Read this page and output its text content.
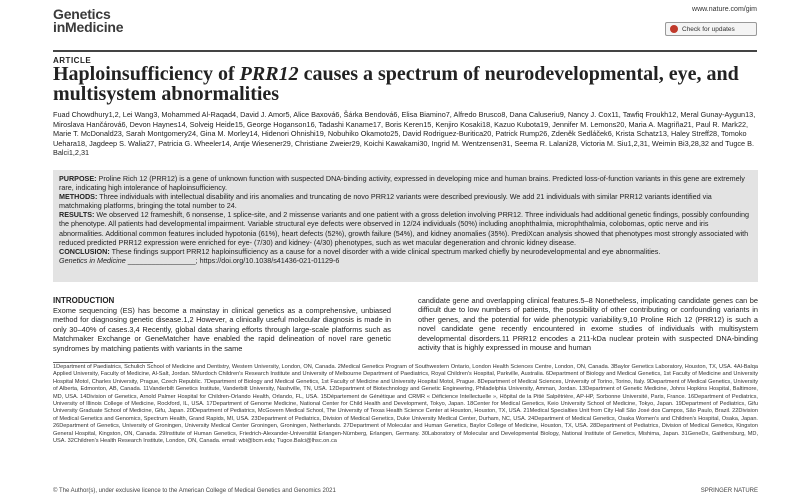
Genetics
inMedicine
www.nature.com/gim
Check for updates
ARTICLE
Haploinsufficiency of PRR12 causes a spectrum of neurodevelopmental, eye, and multisystem abnormalities
Fuad Chowdhury1,2, Lei Wang3, Mohammed Al-Raqad4, David J. Amor5, Alice Baxová6, Šárka Bendová6, Elisa Biamino7, Alfredo Brusco8, Dana Caluseriu9, Nancy J. Cox11, Tawfiq Froukh12, Meral Gunay-Aygun13, Miroslava Hančárová6, Devon Haynes14, Solveig Heide15, George Hoganson16, Tadashi Kaname17, Boris Keren15, Kenjiro Kosaki18, Kazuo Kubota19, Jennifer M. Lemons20, Maria A. Magriña21, Paul R. Mark22, Marie T. McDonald23, Sarah Montgomery24, Gina M. Morley14, Hidenori Ohnishi19, Nobuhiko Okamoto25, David Rodriguez-Buritica20, Patrick Rump26, Zdeněk Sedláček6, Krista Schatz13, Haley Streff28, Tomoko Uehara18, Jagdeep S. Walia27, Patricia G. Wheeler14, Antje Wiesener29, Christiane Zweier29, Koichi Kawakami30, Ingrid M. Wentzensen31, Seema R. Lalani28, Victoria M. Siu1,2,31, Weimin Bi3,28,32 and Tugce B. Balci1,2,31

PURPOSE: Proline Rich 12 (PRR12) is a gene of unknown function with suspected DNA-binding activity, expressed in developing mice and human brains. Predicted loss-of-function variants in this gene are extremely rare, indicating high intolerance of haploinsufficiency.

METHODS: Three individuals with intellectual disability and iris anomalies and truncating de novo PRR12 variants were described previously. We add 21 individuals with similar PRR12 variants identified via matchmaking platforms, bringing the total number to 24.

RESULTS: We observed 12 frameshift, 6 nonsense, 1 splice-site, and 2 missense variants and one patient with a gross deletion involving PRR12. Three individuals had additional genetic findings, possibly confounding the phenotype. All patients had developmental impairment. Variable structural eye defects were observed in 12/24 individuals (50%) including anophthalmia, microphthalmia, colobomas, optic nerve and iris abnormalities. Additional common features included hypotonia (61%), heart defects (52%), growth failure (54%), and kidney anomalies (35%). PrediXcan analysis showed that phenotypes most strongly associated with reduced predicted PRR12 expression were enriched for eye- (7/30) and kidney- (4/30) phenotypes, such as wet macular degeneration and chronic kidney disease.

CONCLUSION: These findings support PRR12 haploinsufficiency as a cause for a novel disorder with a wide clinical spectrum marked chiefly by neurodevelopmental and eye abnormalities.

Genetics in Medicine _________________; https://doi.org/10.1038/s41436-021-01129-6

INTRODUCTION
Exome sequencing (ES) has become a mainstay in clinical genetics as a comprehensive, unbiased method for diagnosing genetic disease.1,2 However, a clinically useful molecular diagnosis is made in only 30–40% of cases.3,4 Recently, global data sharing efforts through large-scale platforms such as Matchmaker Exchange or GeneMatcher have enabled the rapid delineation of novel rare genetic syndromes by matching patients with variants in the same
candidate gene and overlapping clinical features.5–8 Nonetheless, implicating candidate genes can be difficult due to low numbers of patients, the possibility of other contributing or confounding variants in other genes, and the potential for wide phenotypic variability.9,10 Proline Rich 12 (PRR12) is such a novel candidate gene recently encountered in exome studies of individuals with multisystem developmental disorders.11 PRR12 encodes a 211-kDa nuclear protein with suspected DNA-binding activity that is highly expressed in mouse and human
1Department of Paediatrics, Schulich School of Medicine and Dentistry, Western University, London, ON, Canada. 2Medical Genetics Program of Southwestern Ontario, London Health Sciences Centre, London, ON, Canada. 3Baylor Genetics Laboratory, Houston, TX, USA. 4Al-Balqa Applied University, Faculty of Medicine, Al-Salt, Jordan. 5Murdoch Children's Research Institute and University of Melbourne Department of Paediatrics, Royal Children's Hospital, Parkville, Australia. 6Department of Biology and Medical Genetics, 1st Faculty of Medicine and University Hospital Motol, Charles University, Prague, Czech Republic. 7Department of Biology and Medical Genetics, 1st Faculty of Medicine and University Hospital Motol, Prague. 8Department of Medical Sciences, University of Torino, Torino, Italy. 9Department of Medical Genetics, University of Alberta, Edmonton, AB, Canada. 11Vanderbilt Genetics Institute, Vanderbilt University, Nashville, TN, USA. 12Department of Biotechnology and Genetic Engineering, Philadelphia University, Amman, Jordan. 13Department of Genetic Medicine, Johns Hopkins Hospital, Baltimore, MD, USA. 14Division of Genetics, Arnold Palmer Hospital for Children-Orlando Health, Orlando, FL, USA. 15Département de Génétique and CRMR « Déficience Intellectuelle », Hôpital de la Pitié Salpêtrière, AP-HP, Sorbonne Université, Paris, France. 16Department of Pediatrics, University of Illinois College of Medicine, Rockford, IL, USA. 17Department of Genome Medicine, National Center for Child Health and Development, Tokyo, Japan. 18Center for Medical Genetics, Keio University School of Medicine, Tokyo, Japan. 19Department of Pediatrics, Gifu University Graduate School of Medicine, Gifu, Japan. 20Department of Pediatrics, McGovern Medical School, The University of Texas Health Science Center at Houston, Houston, TX, USA. 21Medical Specialties Unit from City Hall São José dos Campos, São Paulo, Brazil. 22Division of Medical Genetics and Genomics, Spectrum Health, Grand Rapids, MI, USA. 23Department of Pediatrics, Division of Medical Genetics, Duke University Medical Center, Durham, NC, USA. 24Department of Medical Genetics, Osaka Women's and Children's Hospital, Osaka, Japan. 26Department of Genetics, University of Groningen, University Medical Center Groningen, Groningen, Netherlands. 27Department of Molecular and Human Genetics, Baylor College of Medicine, Houston, TX, USA. 28Department of Pediatrics, Division of Medical Genetics, Kingston General Hospital, Kingston, ON, Canada. 29Institute of Human Genetics, Friedrich-Alexander-Universität Erlangen-Nürnberg, Erlangen, Germany. 30Laboratory of Molecular and Developmental Biology, National Institute of Genetics, Mishima, Japan. 31GeneDx, Gaithersburg, MD, USA. 32Children's Health Research Institute, London, ON, Canada. email: wbi@bcm.edu; Tugce.Balci@lhsc.on.ca
© The Author(s), under exclusive licence to the American College of Medical Genetics and Genomics 2021	SPRINGER NATURE
